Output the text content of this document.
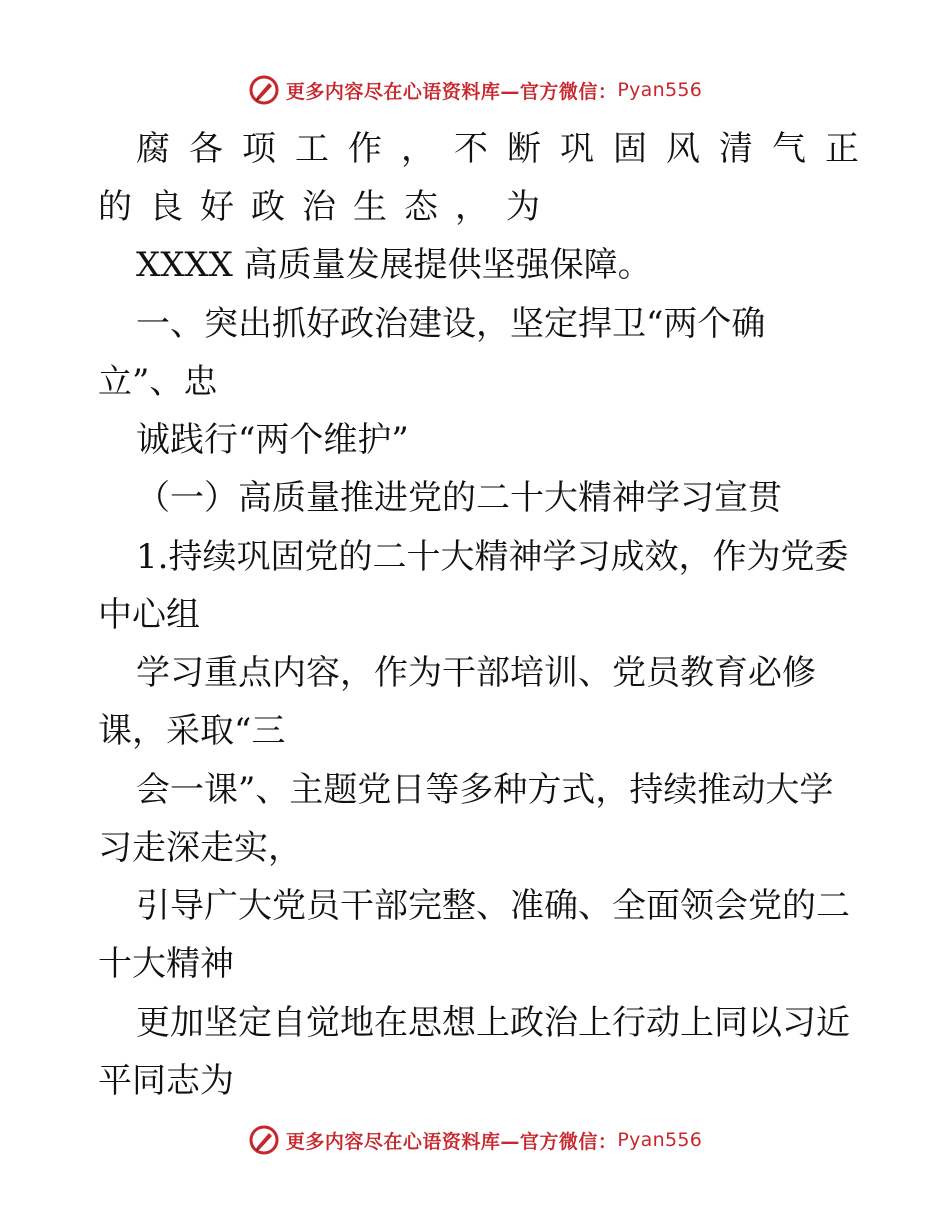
更多内容尽在心语资料库—官方微信： Pyan556
腐各项工作，不断巩固风清气正
的良好政治生态，为
XXXX 高质量发展提供坚强保障。
一、突出抓好政治建设，坚定捍卫“两个确
立”、忠
诚践行“两个维护”
（一）高质量推进党的二十大精神学习宣贯
1.持续巩固党的二十大精神学习成效，作为党委
中心组
学习重点内容，作为干部培训、党员教育必修
课，采取“三
会一课”、主题党日等多种方式，持续推动大学
习走深走实，
引导广大党员干部完整、准确、全面领会党的二
十大精神
更加坚定自觉地在思想上政治上行动上同以习近
平同志为
更多内容尽在心语资料库—官方微信： Pyan556
